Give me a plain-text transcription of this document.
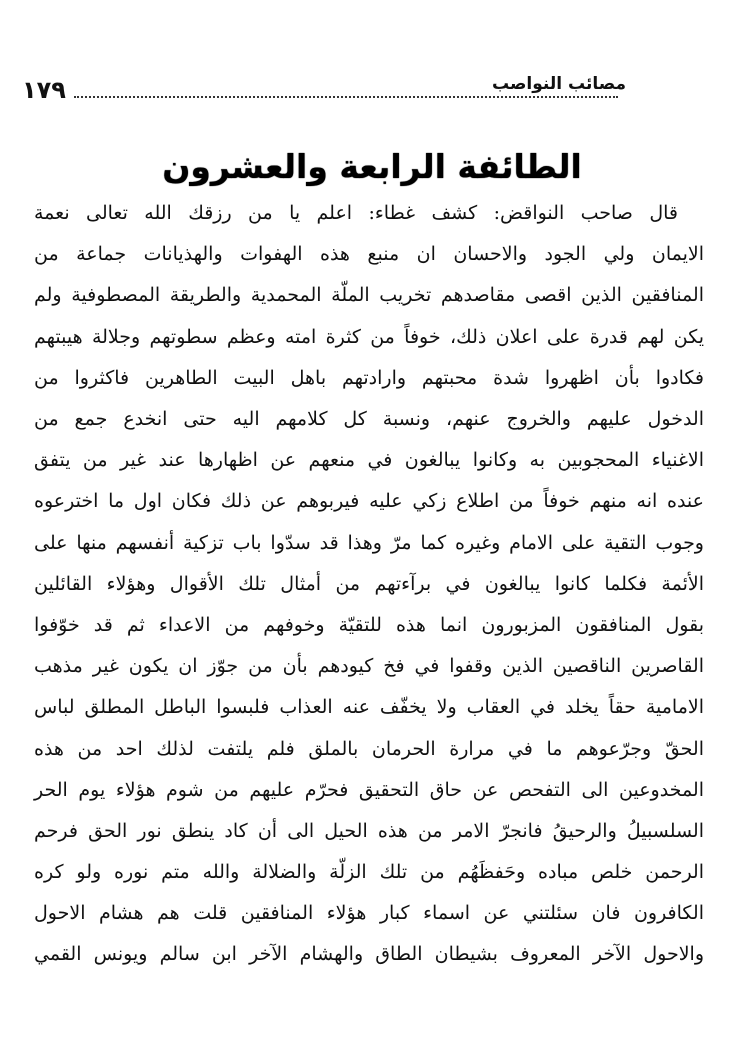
١٧٩	مصائب النواصب
الطائفة الرابعة والعشرون
قال صاحب النواقض: كشف غطاء: اعلم يا من رزقك الله تعالى نعمة
الايمان ولي الجود والاحسان ان منبع هذه الهفوات والهذيانات جماعة من
المنافقين الذين اقصى مقاصدهم تخريب الملّة المحمدية والطريقة المصطوفية ولم
يكن لهم قدرة على اعلان ذلك، خوفاً من كثرة امته وعظم سطوتهم وجلالة هيبتهم
فكادوا بأن اظهروا شدة محبتهم وارادتهم باهل البيت الطاهرين فاكثروا من
الدخول عليهم والخروج عنهم، ونسبة كل كلامهم اليه حتى انخدع جمع من
الاغنياء المحجوبين به وكانوا يبالغون في منعهم عن اظهارها عند غير من يتفق
عنده انه منهم خوفاً من اطلاع زكي عليه فيربوهم عن ذلك فكان اول ما اخترعوه
وجوب التقية على الامام وغيره كما مرّ وهذا قد سدّوا باب تزكية أنفسهم منها على
الأئمة فكلما كانوا يبالغون في برآءتهم من أمثال تلك الأقوال وهؤلاء القائلين
بقول المنافقون المزبورون انما هذه للتقيّة وخوفهم من الاعداء ثم قد خوّفوا
القاصرين الناقصين الذين وقفوا في فخ كيودهم بأن من جوّز ان يكون غير مذهب
الامامية حقاً يخلد في العقاب ولا يخفّف عنه العذاب فلبسوا الباطل المطلق لباس
الحقّ وجرّعوهم ما في مرارة الحرمان بالملق فلم يلتفت لذلك احد من هذه
المخدوعين الى التفحص عن حاق التحقيق فحرّم عليهم من شوم هؤلاء يوم الحر
السلسبيلُ والرحيقُ فانجرّ الامر من هذه الحيل الى أن كاد ينطق نور الحق فرحم
الرحمن خلص مباده وحَفظَهُم من تلك الزلّة والضلالة والله متم نوره ولو كره
الكافرون فان سئلتني عن اسماء كبار هؤلاء المنافقين قلت هم هشام الاحول
والاحول الآخر المعروف بشيطان الطاق والهشام الآخر ابن سالم ويونس القمي
